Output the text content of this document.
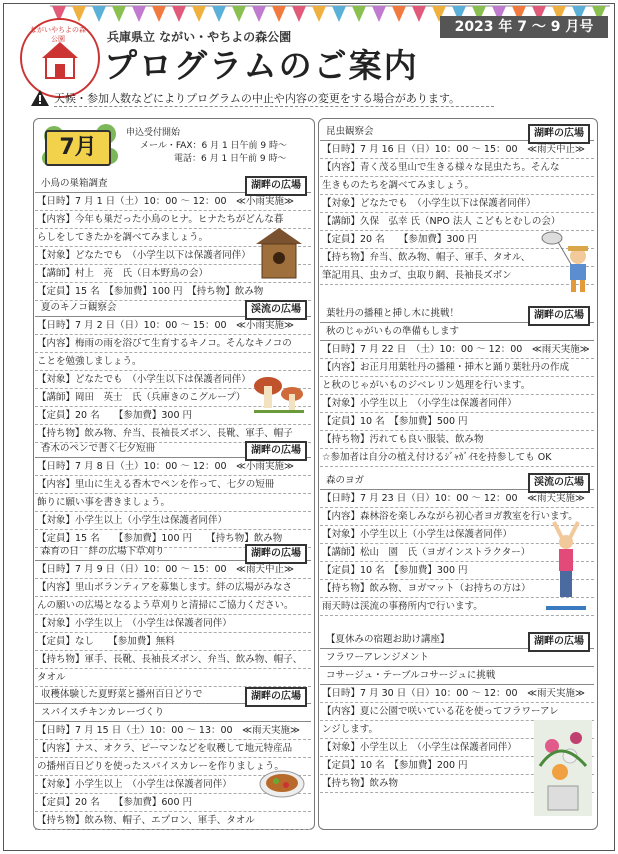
ながいやちよの森公園	兵庫県立 ながい・やちよの森公園
プログラムのご案内
2023 年 7 ～ 9 月号
天候・参加人数などによりプログラムの中止や内容の変更をする場合があります。
7月
申込受付開始
メール・FAX：6 月 1 日午前 9 時～
電話：6 月 1 日午前 9 時～
小鳥の巣箱調査	湖畔の広場
【日時】7 月 1 日（土）10：00 ～ 12：00　≪小雨実施≫
【内容】今年も巣だった小鳥のヒナ。ヒナたちがどんな暮
らしをしてきたかを調べてみましょう。
【対象】どなたでも　（小学生以下は保護者同伴）
【講師】村上　亮　氏（日本野鳥の会）
【定員】15 名　【参加費】100 円　【持ち物】飲み物
夏のキノコ観察会	渓流の広場
【日時】7 月 2 日（日）10：00 ～ 15：00　≪小雨実施≫
【内容】梅雨の雨を浴びて生育するキノコ。そんなキノコの
ことを勉強しましょう。
【対象】どなたでも　（小学生以下は保護者同伴）
【講師】岡田　英士　氏（兵庫きのこグループ）
【定員】20 名　　【参加費】300 円
【持ち物】飲み物、弁当、長袖長ズボン、長靴、軍手、帽子
香木のペンで書く七夕短冊	湖畔の広場
【日時】7 月 8 日（土）10：00 ～ 12：00　≪小雨実施≫
【内容】里山に生える香木でペンを作って、七夕の短冊
飾りに願い事を書きましょう。
【対象】小学生以上（小学生は保護者同伴）
【定員】15 名　　【参加費】100 円　　【持ち物】飲み物
森育の日　絆の広場下草刈り	湖畔の広場
【日時】7 月 9 日（日）10：00 ～ 15：00　≪雨天中止≫
【内容】里山ボランティアを募集します。絆の広場がみなさ
んの願いの広場となるよう草刈りと清掃にご協力ください。
【対象】小学生以上　（小学生は保護者同伴）
【定員】なし　　【参加費】無料
【持ち物】軍手、長靴、長袖長ズボン、弁当、飲み物、帽子、
タオル
収穫体験した夏野菜と播州百日どりで
スパイスチキンカレーづくり
湖畔の広場
【日時】7 月 15 日（土）10：00 ～ 13：00　≪雨天実施≫
【内容】ナス、オクラ、ピーマンなどを収穫して地元特産品
の播州百日どりを使ったスパイスカレーを作りましょう。
【対象】小学生以上　（小学生は保護者同伴）
【定員】20 名　　【参加費】600 円
【持ち物】飲み物、帽子、エプロン、軍手、タオル
昆虫観察会	湖畔の広場
【日時】7 月 16 日（日）10：00 ～ 15：00　≪雨天中止≫
【内容】青く茂る里山で生きる様々な昆虫たち。そんな
生きものたちを調べてみましょう。
【対象】どなたでも　（小学生以下は保護者同伴）
【講師】久保　弘幸 氏（NPO 法人 こどもとむしの会）
【定員】20 名　　【参加費】300 円
【持ち物】弁当、飲み物、帽子、軍手、タオル、
筆記用具、虫カゴ、虫取り網、長袖長ズボン
葉牡丹の播種と挿し木に挑戦！
秋のじゃがいもの準備もします
湖畔の広場
【日時】7 月 22 日　（土）10：00 ～ 12：00　≪雨天実施≫
【内容】お正月用葉牡丹の播種・挿木と踊り葉牡丹の作成
と秋のじゃがいものジベレリン処理を行います。
【対象】小学生以上　（小学生は保護者同伴）
【定員】10 名　【参加費】500 円
【持ち物】汚れても良い服装、飲み物
☆参加者は自分の植え付けるｼﾞｬｶﾞｲﾓを持参しても OK
森のヨガ	渓流の広場
【日時】7 月 23 日（日）10：00 ～ 12：00　≪雨天実施≫
【内容】森林浴を楽しみながら初心者ヨガ教室を行います。
【対象】小学生以上（小学生は保護者同伴）
【講師】松山　園　氏（ヨガインストラクター）
【定員】10 名　【参加費】300 円
【持ち物】飲み物、ヨガマット（お持ちの方は）
雨天時は渓流の事務所内で行います。
【夏休みの宿題お助け講座】
フラワーアレンジメント
コサージュ・テーブルコサージュに挑戦
湖畔の広場
【日時】7 月 30 日（日）10：00 ～ 12：00　≪雨天実施≫
【内容】夏に公園で咲いている花を使ってフラワーアレ
ンジします。
【対象】小学生以上　（小学生は保護者同伴）
【定員】10 名　【参加費】200 円
【持ち物】飲み物
